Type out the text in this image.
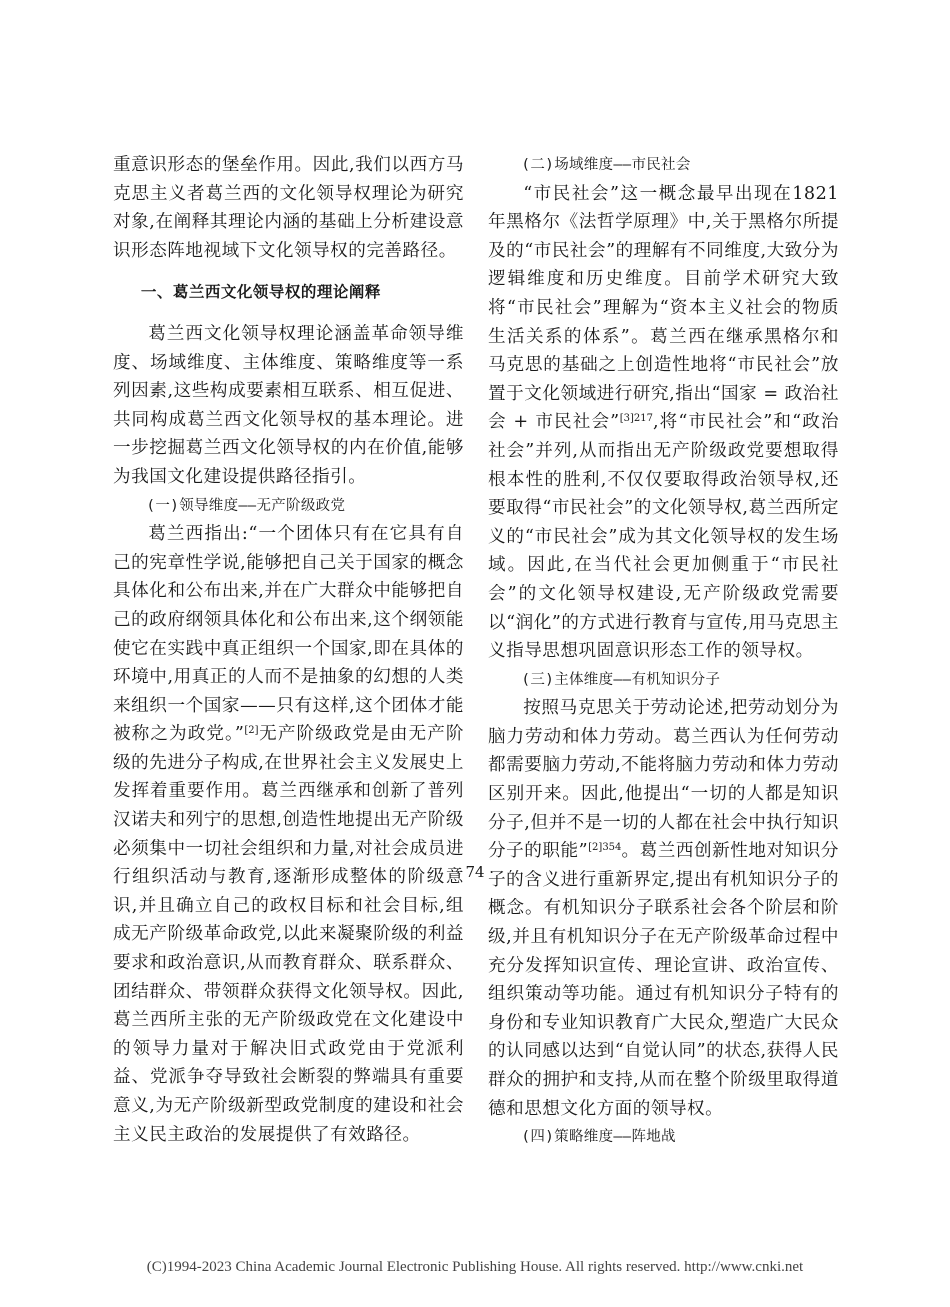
重意识形态的堡垒作用。因此,我们以西方马克思主义者葛兰西的文化领导权理论为研究对象,在阐释其理论内涵的基础上分析建设意识形态阵地视域下文化领导权的完善路径。

一、葛兰西文化领导权的理论阐释

葛兰西文化领导权理论涵盖革命领导维度、场域维度、主体维度、策略维度等一系列因素,这些构成要素相互联系、相互促进、共同构成葛兰西文化领导权的基本理论。进一步挖掘葛兰西文化领导权的内在价值,能够为我国文化建设提供路径指引。

(一)领导维度——无产阶级政党

葛兰西指出:“一个团体只有在它具有自己的宪章性学说,能够把自己关于国家的概念具体化和公布出来,并在广大群众中能够把自己的政府纲领具体化和公布出来,这个纲领能使它在实践中真正组织一个国家,即在具体的环境中,用真正的人而不是抽象的幻想的人类来组织一个国家——只有这样,这个团体才能被称之为政党。”[2]无产阶级政党是由无产阶级的先进分子构成,在世界社会主义发展史上发挥着重要作用。葛兰西继承和创新了普列汉诺夫和列宁的思想,创造性地提出无产阶级必须集中一切社会组织和力量,对社会成员进行组织活动与教育,逐渐形成整体的阶级意识,并且确立自己的政权目标和社会目标,组成无产阶级革命政党,以此来凝聚阶级的利益要求和政治意识,从而教育群众、联系群众、团结群众、带领群众获得文化领导权。因此,葛兰西所主张的无产阶级政党在文化建设中的领导力量对于解决旧式政党由于党派利益、党派争夺导致社会断裂的弊端具有重要意义,为无产阶级新型政党制度的建设和社会主义民主政治的发展提供了有效路径。

(二)场域维度——市民社会

“市民社会”这一概念最早出现在1821年黑格尔《法哲学原理》中,关于黑格尔所提及的“市民社会”的理解有不同维度,大致分为逻辑维度和历史维度。目前学术研究大致将“市民社会”理解为“资本主义社会的物质生活关系的体系”。葛兰西在继承黑格尔和马克思的基础之上创造性地将“市民社会”放置于文化领域进行研究,指出“国家 = 政治社会 + 市民社会”$^{[3]217}$,将“市民社会”和“政治社会”并列,从而指出无产阶级政党要想取得根本性的胜利,不仅仅要取得政治领导权,还要取得“市民社会”的文化领导权,葛兰西所定义的“市民社会”成为其文化领导权的发生场域。因此,在当代社会更加侧重于“市民社会”的文化领导权建设,无产阶级政党需要以“润化”的方式进行教育与宣传,用马克思主义指导思想巩固意识形态工作的领导权。

(三)主体维度——有机知识分子

按照马克思关于劳动论述,把劳动划分为脑力劳动和体力劳动。葛兰西认为任何劳动都需要脑力劳动,不能将脑力劳动和体力劳动区别开来。因此,他提出“一切的人都是知识分子,但并不是一切的人都在社会中执行知识分子的职能”$^{[2]354}$。葛兰西创新性地对知识分子的含义进行重新界定,提出有机知识分子的概念。有机知识分子联系社会各个阶层和阶级,并且有机知识分子在无产阶级革命过程中充分发挥知识宣传、理论宣讲、政治宣传、组织策动等功能。通过有机知识分子特有的身份和专业知识教育广大民众,塑造广大民众的认同感以达到“自觉认同”的状态,获得人民群众的拥护和支持,从而在整个阶级里取得道德和思想文化方面的领导权。

(四)策略维度——阵地战

· 74 ·
(C)1994-2023 China Academic Journal Electronic Publishing House. All rights reserved. http://www.cnki.net
